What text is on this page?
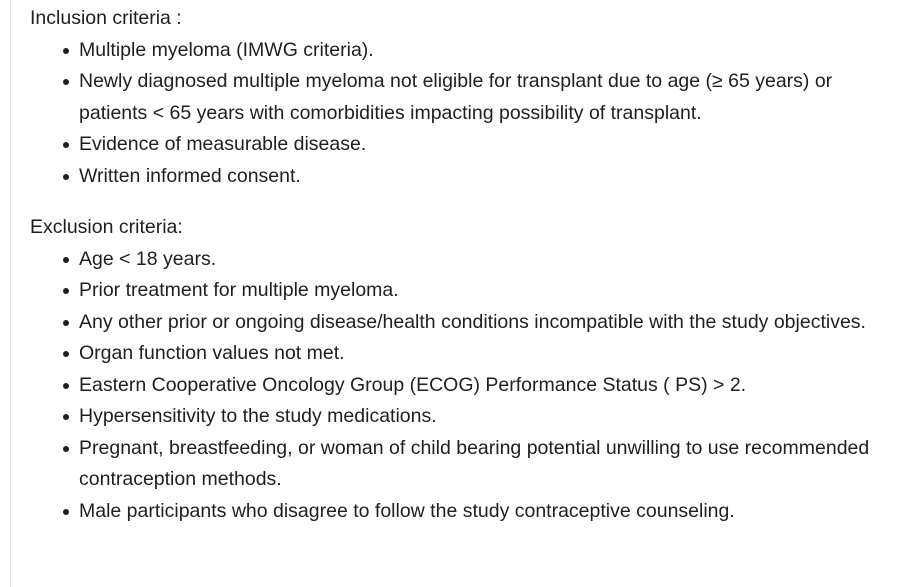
Inclusion criteria :

Multiple myeloma (IMWG criteria).
Newly diagnosed multiple myeloma not eligible for transplant due to age (≥ 65 years) or patients < 65 years with comorbidities impacting possibility of transplant.
Evidence of measurable disease.
Written informed consent.

Exclusion criteria:

Age < 18 years.
Prior treatment for multiple myeloma.
Any other prior or ongoing disease/health conditions incompatible with the study objectives.
Organ function values not met.
Eastern Cooperative Oncology Group (ECOG) Performance Status ( PS) > 2.
Hypersensitivity to the study medications.
Pregnant, breastfeeding, or woman of child bearing potential unwilling to use recommended contraception methods.
Male participants who disagree to follow the study contraceptive counseling.
